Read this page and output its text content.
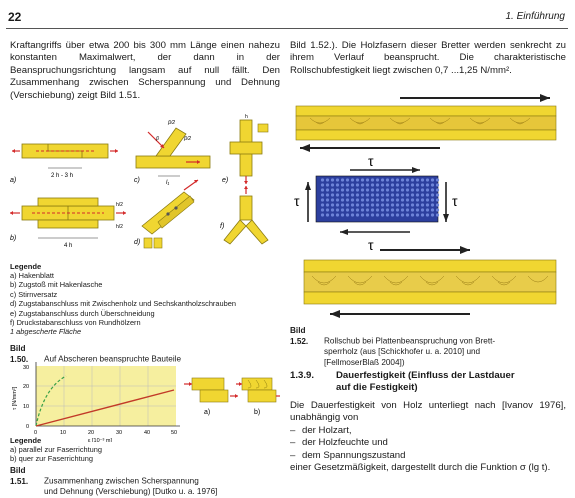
22	1. Einführung
Kraftangriffs über etwa 200 bis 300 mm Länge einen nahezu konstanten Maximalwert, der dann in der Beanspruchungsrichtung langsam auf null fällt. Den Zusammenhang zwischen Scherspannung und Dehnung (Verschiebung) zeigt Bild 1.51.
2 h - 3 h
a)
4 h
h/2
h/2
b)
β/2
β/2
β
l₁
c)
d)
h
e)
f)
Legende
a) Hakenblatt
b) Zugstoß mit Hakenlasche
c) Stirnversatz
d) Zugstabanschluss mit Zwischenholz und Sechskantholzschrauben
e) Zugstabanschluss durch Überschneidung
f) Druckstabanschluss von Rundhölzern
1 abgescherte Fläche
Bild 1.50. Auf Abscheren beanspruchte Bauteile
0
10
20
30
0	10	20	30	40	50
ε [10⁻³ m]
τ [N/mm²]
a)	b)
Legende
a) parallel zur Faserrichtung
b) quer zur Faserrichtung
Bild 1.51. Zusammenhang zwischen Scherspannung
und Dehnung (Verschiebung) [Dutko u. a. 1976]
Bild 1.52.). Die Holzfasern dieser Bretter werden senkrecht zu ihrem Verlauf beansprucht. Die charakteristische Rollschubfestigkeit liegt zwischen 0,7 ...1,25 N/mm².
τ
τ
τ	τ
Bild 1.52. Rollschub bei Plattenbeanspruchung von Brett-
sperrholz (aus [Schickhofer u. a. 2010] und
[FellmoserBlaß 2004])
1.3.9. Dauerfestigkeit (Einfluss der Lastdauer
auf die Festigkeit)
Die Dauerfestigkeit von Holz unterliegt nach [Ivanov 1976], unabhängig von
– der Holzart,
– der Holzfeuchte und
– dem Spannungszustand
einer Gesetzmäßigkeit, dargestellt durch die Funktion σ (lg t).
